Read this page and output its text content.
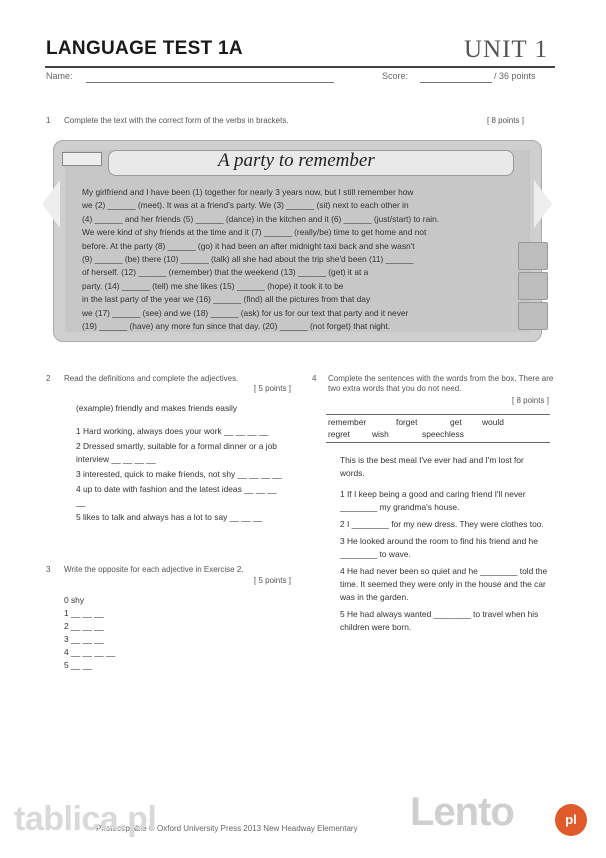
LANGUAGE TEST 1A	UNIT 1
Name:	Score:	/ 36 points
1 Complete the text with the correct form of the verbs in brackets.	[ 8 points ]
A party to remember
My girlfriend and I have been (1) together for nearly 3 years now, but I still remember how
we (2) ______ (meet). It was at a friend's party. We (3) ______ (sit) next to each other in
(4) ______ and her friends (5) ______ (dance) in the kitchen and it (6) ______ (just/start) to rain.
We were kind of shy friends at the time and it (7) ______ (really/be) time to get home and not
before. At the party (8) ______ (go) it had been an after midnight taxi back and she wasn't
(9) ______ (be) there (10) ______ (talk) all she had about the trip she'd been (11) ______
of herself. (12) ______ (remember) that the weekend (13) ______ (get) it at a
party. (14) ______ (tell) me she likes (15) ______ (hope) it took it to be
in the last party of the year we (16) ______ (find) all the pictures from that day
we (17) ______ (see) and we (18) ______ (ask) for us for our text that party and it never
(19) ______ (have) any more fun since that day. (20) ______ (not forget) that night.
2 Read the definitions and complete the adjectives.
[ 5 points ]
(example) friendly and makes friends easily
1 Hard working, always does your work __ __ __ __
2 Dressed smartly, suitable for a formal dinner or a job interview __ __ __ __
3 interested, quick to make friends, not shy __ __ __ __
4 up to date with fashion and the latest ideas __ __ __ __
5 likes to talk and always has a lot to say __ __ __
3 Write the opposite for each adjective in Exercise 2.
[ 5 points ]
0 shy
1 __ __ __
2 __ __ __
3 __ __ __
4 __ __ __ __
5 __ __
4 Complete the sentences with the words from the box. There are two extra words that you do not need.
[ 8 points ]
remember	forget	get would
regret	wish	speechless
This is the best meal I've ever had and I'm lost for words.
1 If I keep being a good and caring friend I'll never ________ my grandma's house.
2 I ________ for my new dress. They were clothes too.
3 He looked around the room to find his friend and he ________ to wave.
4 He had never been so quiet and he ________ told the time. It seemed they were only in the house and the car was in the garden.
5 He had always wanted ________ to travel when his children were born.
Photocopiable © Oxford University Press 2013 New Headway Elementary
tablica.pl	Lento	pl
